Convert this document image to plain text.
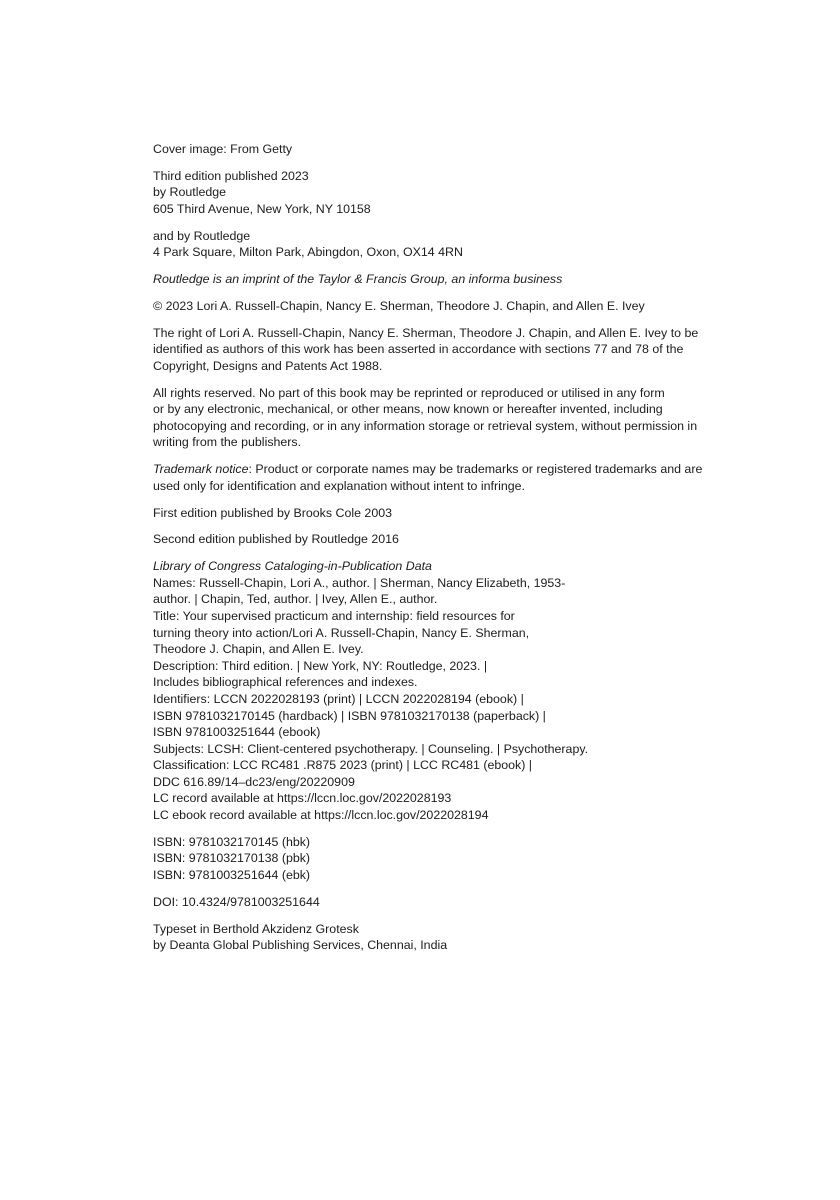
Cover image: From Getty
Third edition published 2023
by Routledge
605 Third Avenue, New York, NY 10158
and by Routledge
4 Park Square, Milton Park, Abingdon, Oxon, OX14 4RN
Routledge is an imprint of the Taylor & Francis Group, an informa business
© 2023 Lori A. Russell-Chapin, Nancy E. Sherman, Theodore J. Chapin, and Allen E. Ivey
The right of Lori A. Russell-Chapin, Nancy E. Sherman, Theodore J. Chapin, and Allen E. Ivey to be
identified as authors of this work has been asserted in accordance with sections 77 and 78 of the
Copyright, Designs and Patents Act 1988.
All rights reserved. No part of this book may be reprinted or reproduced or utilised in any form
or by any electronic, mechanical, or other means, now known or hereafter invented, including
photocopying and recording, or in any information storage or retrieval system, without permission in
writing from the publishers.
Trademark notice: Product or corporate names may be trademarks or registered trademarks and are
used only for identification and explanation without intent to infringe.
First edition published by Brooks Cole 2003
Second edition published by Routledge 2016
Library of Congress Cataloging-in-Publication Data
Names: Russell-Chapin, Lori A., author. | Sherman, Nancy Elizabeth, 1953-
author. | Chapin, Ted, author. | Ivey, Allen E., author.
Title: Your supervised practicum and internship: field resources for
turning theory into action/Lori A. Russell-Chapin, Nancy E. Sherman,
Theodore J. Chapin, and Allen E. Ivey.
Description: Third edition. | New York, NY: Routledge, 2023. |
Includes bibliographical references and indexes.
Identifiers: LCCN 2022028193 (print) | LCCN 2022028194 (ebook) |
ISBN 9781032170145 (hardback) | ISBN 9781032170138 (paperback) |
ISBN 9781003251644 (ebook)
Subjects: LCSH: Client-centered psychotherapy. | Counseling. | Psychotherapy.
Classification: LCC RC481 .R875 2023 (print) | LCC RC481 (ebook) |
DDC 616.89/14–dc23/eng/20220909
LC record available at https://lccn.loc.gov/2022028193
LC ebook record available at https://lccn.loc.gov/2022028194
ISBN: 9781032170145 (hbk)
ISBN: 9781032170138 (pbk)
ISBN: 9781003251644 (ebk)
DOI: 10.4324/9781003251644
Typeset in Berthold Akzidenz Grotesk
by Deanta Global Publishing Services, Chennai, India
